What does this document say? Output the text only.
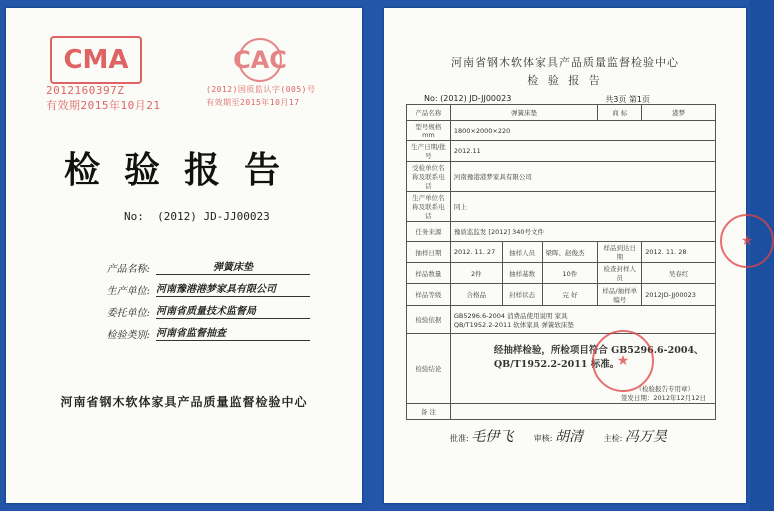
CMA
2012160397Z
有效期2015年10月21
CAC
(2012)国质监认字(005)号
有效期至2015年10月17
检验报告
No: (2012) JD-JJ00023
产品名称:	弹簧床垫
生产单位: 河南豫港港梦家具有限公司
委托单位: 河南省质量技术监督局
检验类别: 河南省监督抽查
河南省钢木软体家具产品质量监督检验中心
河南省钢木软体家具产品质量监督检验中心
检 验 报 告
No: (2012) JD-JJ00023	共3页 第1页
产品名称	弹簧床垫			商 标	港梦
型号规格 mm	1800×2000×220				
生产日期/批号	2012.11				
受检单位名称及联系电话	河南豫港港梦家具有限公司				
生产单位名称及联系电话	同上				
任务来源	豫质监监发 [2012] 340号文件				
抽样日期	2012. 11. 27	抽样人员	梁晖、赵俊杰	样品到达日期	2012. 11. 28
样品数量	2件	抽样基数	10件	检查封样人员	吴春红
样品等级	合格品	封样状态	完 好	样品/抽样单编号	2012JD-JJ00023
检验依据	GB5296.6-2004 消费品使用说明 家具
QB/T1952.2-2011 软体家具 弹簧软床垫				

检验结论	经抽样检验，所检项目符合 GB5296.6-2004、QB/T1952.2-2011 标准。
（检验报告专用章）
签发日期：2012年12月12日				

备 注					
★
★
批准: 毛伊飞	审核: 胡清	主检: 冯万昊
